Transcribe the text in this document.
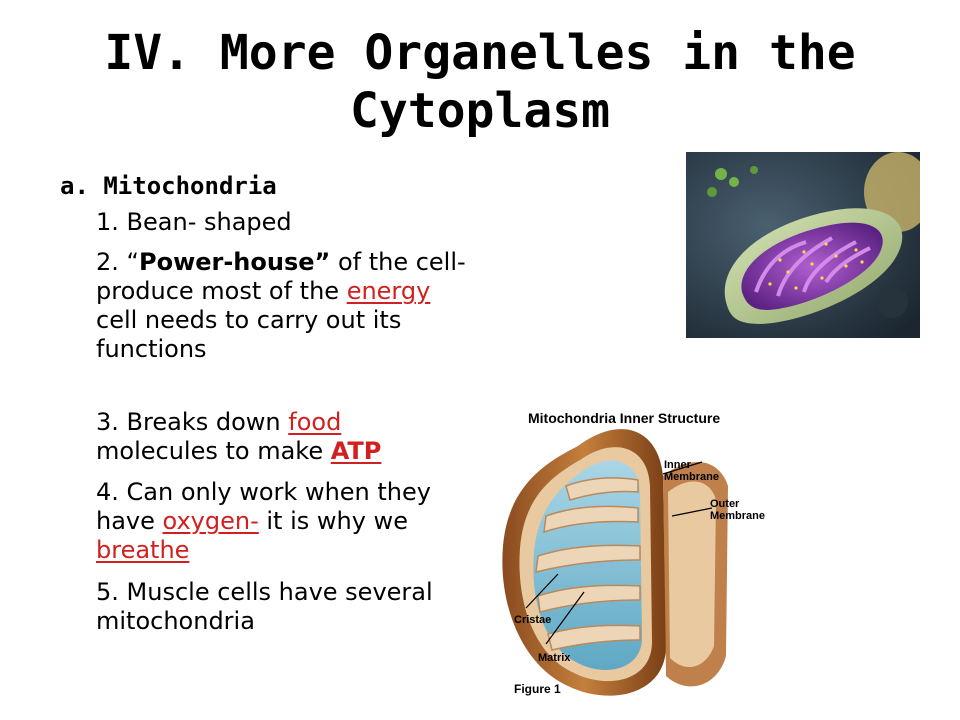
IV. More Organelles in the
Cytoplasm
a. Mitochondria
1. Bean- shaped
2. “Power-house” of the cell- produce most of the energy cell needs to carry out its functions
3. Breaks down food molecules to make ATP
4. Can only work when they have oxygen- it is why we breathe
5. Muscle cells have several mitochondria
Mitochondria Inner Structure
Inner
Membrane
Outer
Membrane
Cristae
Matrix
Figure 1
